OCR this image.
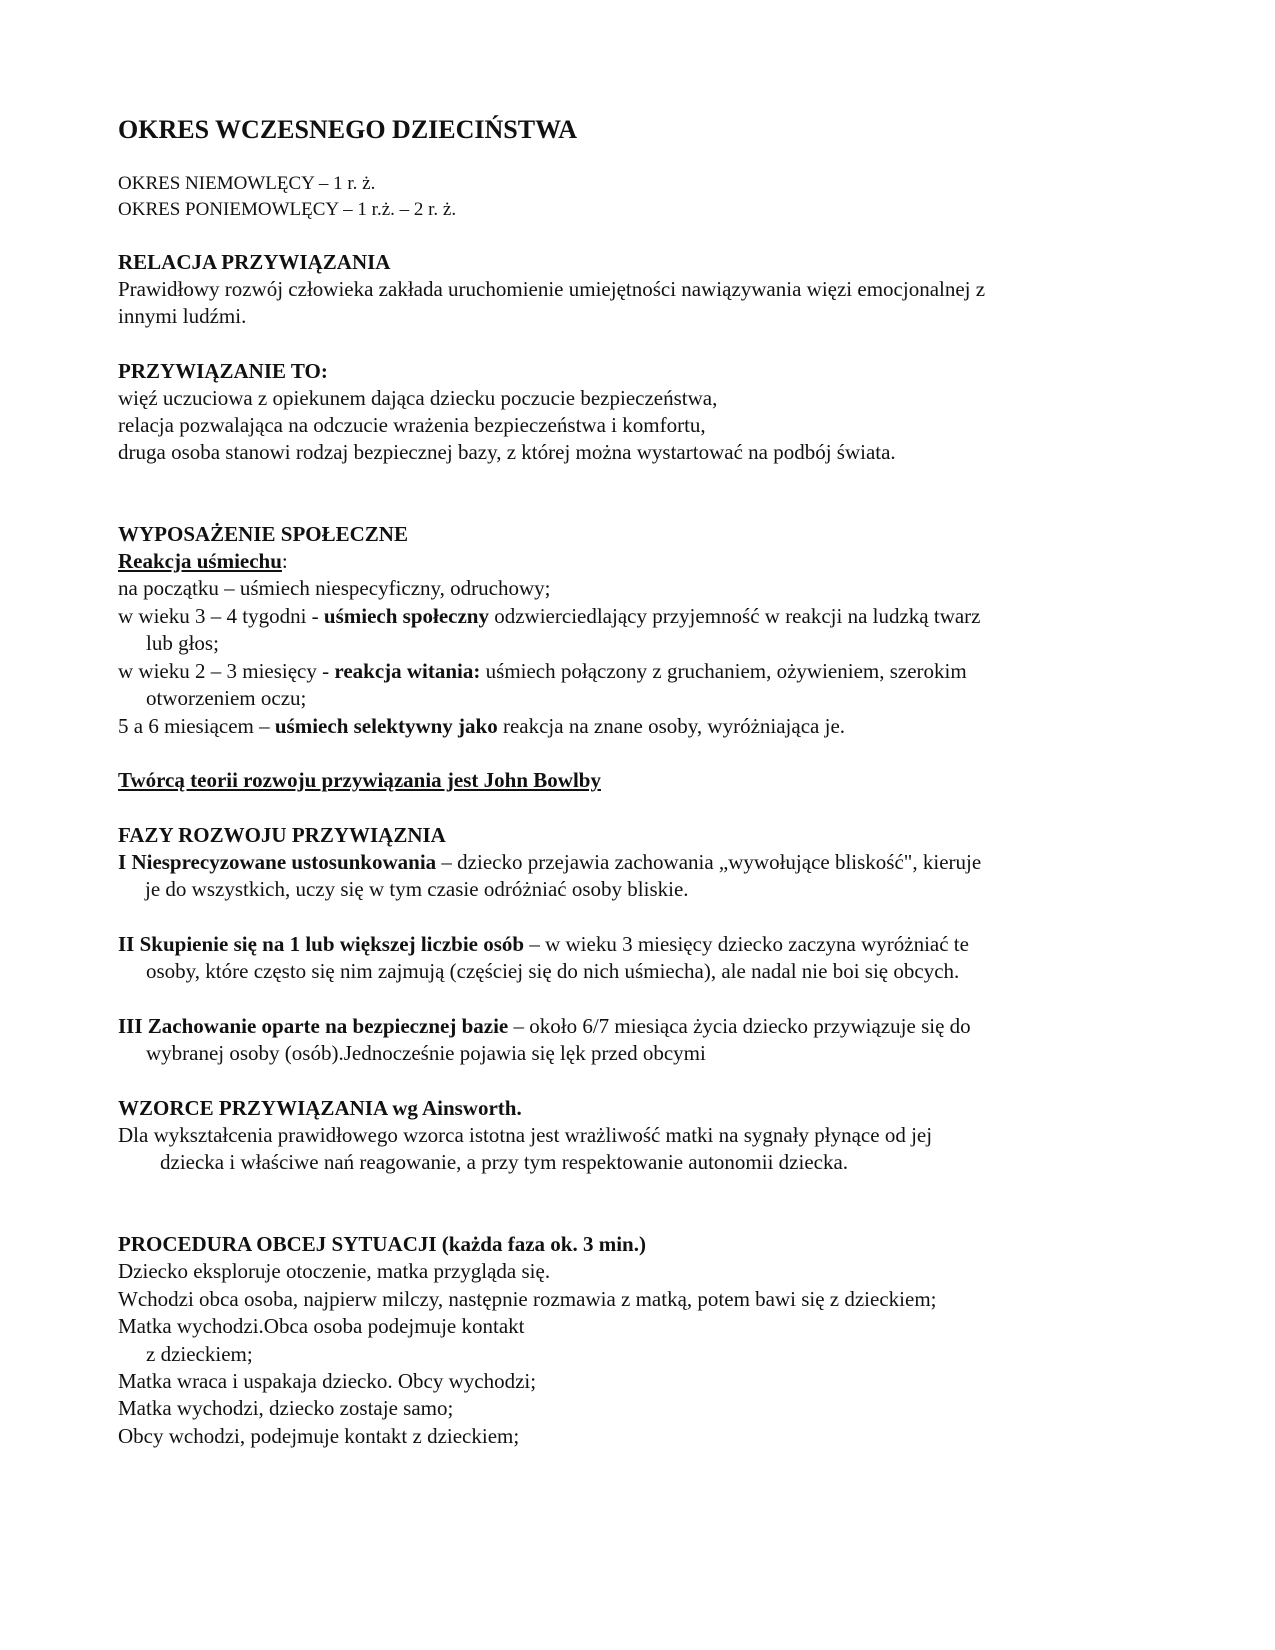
OKRES WCZESNEGO DZIECIŃSTWA
OKRES NIEMOWLĘCY – 1 r. ż.
OKRES PONIEMOWLĘCY – 1 r.ż. – 2 r. ż.
RELACJA PRZYWIĄZANIA
Prawidłowy rozwój człowieka zakłada uruchomienie umiejętności nawiązywania więzi emocjonalnej z
innymi ludźmi.
PRZYWIĄZANIE TO:
więź uczuciowa z opiekunem dająca dziecku poczucie bezpieczeństwa,
relacja pozwalająca na odczucie wrażenia bezpieczeństwa i komfortu,
druga osoba stanowi rodzaj bezpiecznej bazy, z której można wystartować na podbój świata.
WYPOSAŻENIE SPOŁECZNE
Reakcja uśmiechu:
na początku – uśmiech niespecyficzny, odruchowy;
w wieku 3 – 4 tygodni - uśmiech społeczny odzwierciedlający przyjemność w reakcji na ludzką twarz
lub głos;
w wieku 2 – 3 miesięcy - reakcja witania: uśmiech połączony z gruchaniem, ożywieniem, szerokim
otworzeniem oczu;
5 a 6 miesiącem – uśmiech selektywny jako reakcja na znane osoby, wyróżniająca je.
Twórcą teorii rozwoju przywiązania jest John Bowlby
FAZY ROZWOJU PRZYWIĄZNIA
I Niesprecyzowane ustosunkowania – dziecko przejawia zachowania „wywołujące bliskość", kieruje
je do wszystkich, uczy się w tym czasie odróżniać osoby bliskie.
II Skupienie się na 1 lub większej liczbie osób – w wieku 3 miesięcy dziecko zaczyna wyróżniać te
osoby, które często się nim zajmują (częściej się do nich uśmiecha), ale nadal nie boi się obcych.
III Zachowanie oparte na bezpiecznej bazie – około 6/7 miesiąca życia dziecko przywiązuje się do
wybranej osoby (osób).Jednocześnie pojawia się lęk przed obcymi
WZORCE PRZYWIĄZANIA wg Ainsworth.
Dla wykształcenia prawidłowego wzorca istotna jest wrażliwość matki na sygnały płynące od jej
dziecka i właściwe nań reagowanie, a przy tym respektowanie autonomii dziecka.
PROCEDURA OBCEJ SYTUACJI (każda faza ok. 3 min.)
Dziecko eksploruje otoczenie, matka przygląda się.
Wchodzi obca osoba, najpierw milczy, następnie rozmawia z matką, potem bawi się z dzieckiem;
Matka wychodzi.Obca osoba podejmuje kontakt
z dzieckiem;
Matka wraca i uspakaja dziecko. Obcy wychodzi;
Matka wychodzi, dziecko zostaje samo;
Obcy wchodzi, podejmuje kontakt z dzieckiem;
